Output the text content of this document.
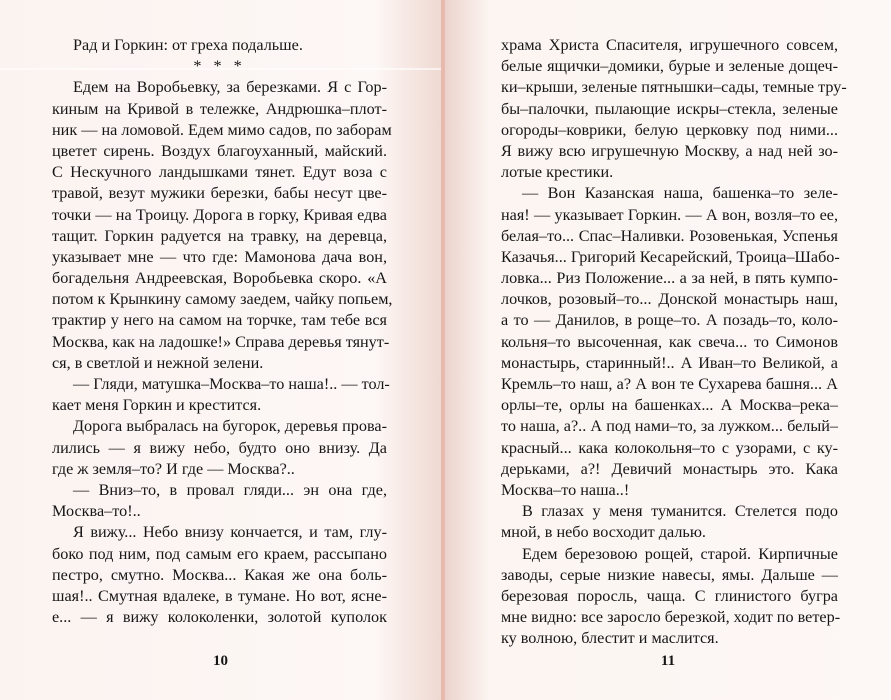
Рад и Горкин: от греха подальше.
* * *
Едем на Воробьевку, за березками. Я с Гор-
киным на Кривой в тележке, Андрюшка–плот-
ник — на ломовой. Едем мимо садов, по заборам
цветет сирень. Воздух благоуханный, майский.
С Нескучного ландышками тянет. Едут воза с
травой, везут мужики березки, бабы несут цве-
точки — на Троицу. Дорога в горку, Кривая едва
тащит. Горкин радуется на травку, на деревца,
указывает мне — что где: Мамонова дача вон,
богадельня Андреевская, Воробьевка скоро. «А
потом к Крынкину самому заедем, чайку попьем,
трактир у него на самом на торчке, там тебе вся
Москва, как на ладошке!» Справа деревья тянут-
ся, в светлой и нежной зелени.
— Гляди, матушка–Москва–то наша!.. — тол-
кает меня Горкин и крестится.
Дорога выбралась на бугорок, деревья прова-
лились — я вижу небо, будто оно внизу. Да
где ж земля–то? И где — Москва?..
— Вниз–то, в провал гляди... эн она где,
Москва–то!..
Я вижу... Небо внизу кончается, и там, глу-
боко под ним, под самым его краем, рассыпано
пестро, смутно. Москва... Какая же она боль-
шая!.. Смутная вдалеке, в тумане. Но вот, ясне-
е... — я вижу колоколенки, золотой куполок
10
храма Христа Спасителя, игрушечного совсем,
белые ящички–домики, бурые и зеленые дощеч-
ки–крыши, зеленые пятнышки–сады, темные тру-
бы–палочки, пылающие искры–стекла, зеленые
огороды–коврики, белую церковку под ними...
Я вижу всю игрушечную Москву, а над ней зо-
лотые крестики.
— Вон Казанская наша, башенка–то зеле-
ная! — указывает Горкин. — А вон, возля–то ее,
белая–то... Спас–Наливки. Розовенькая, Успенья
Казачья... Григорий Кесарейский, Троица–Шабо-
ловка... Риз Положение... а за ней, в пять кумпо-
лочков, розовый–то... Донской монастырь наш,
а то — Данилов, в роще–то. А позадь–то, коло-
кольня–то высоченная, как свеча... то Симонов
монастырь, старинный!.. А Иван–то Великой, а
Кремль–то наш, а? А вон те Сухарева башня... А
орлы–те, орлы на башенках... А Москва–река–
то наша, а?.. А под нами–то, за лужком... белый–
красный... кака колокольня–то с узорами, с ку-
дерьками, а?! Девичий монастырь это. Кака
Москва–то наша..!
В глазах у меня туманится. Стелется подо
мной, в небо восходит далью.
Едем березовою рощей, старой. Кирпичные
заводы, серые низкие навесы, ямы. Дальше —
березовая поросль, чаща. С глинистого бугра
мне видно: все заросло березкой, ходит по ветер-
ку волною, блестит и маслится.
11
